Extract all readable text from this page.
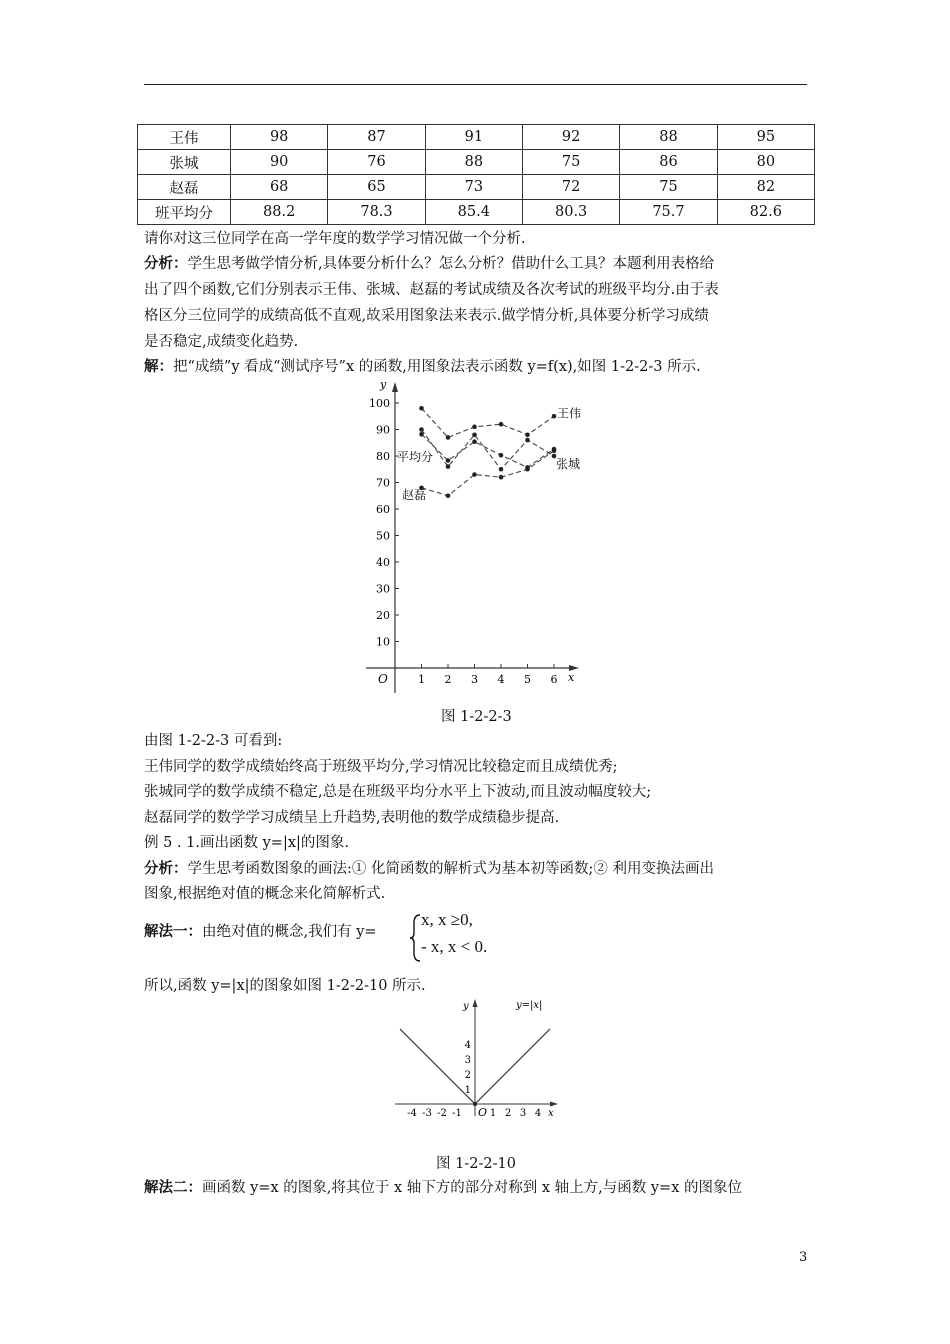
王伟	98	87	91	92	88	95
张城	90	76	88	75	86	80
赵磊	68	65	73	72	75	82
班平均分	88.2	78.3	85.4	80.3	75.7	82.6
请你对这三位同学在高一学年度的数学学习情况做一个分析.
分析：学生思考做学情分析,具体要分析什么？怎么分析？借助什么工具？本题利用表格给
出了四个函数,它们分别表示王伟、张城、赵磊的考试成绩及各次考试的班级平均分.由于表
格区分三位同学的成绩高低不直观,故采用图象法来表示.做学情分析,具体要分析学习成绩
是否稳定,成绩变化趋势.
解：把“成绩”y 看成“测试序号”x 的函数,用图象法表示函数 y=f(x),如图 1-2-2-3 所示.
y
x
O
10
20
30
40
50
60
70
80
90
100
1 2 3 4 5 6
王伟
张城
赵磊
平均分
图 1-2-2-3
由图 1-2-2-3 可看到:
王伟同学的数学成绩始终高于班级平均分,学习情况比较稳定而且成绩优秀;
张城同学的数学成绩不稳定,总是在班级平均分水平上下波动,而且波动幅度较大;
赵磊同学的数学学习成绩呈上升趋势,表明他的数学成绩稳步提高.
例 5 . 1.画出函数 y=|x|的图象.
分析：学生思考函数图象的画法:① 化简函数的解析式为基本初等函数;② 利用变换法画出
图象,根据绝对值的概念来化简解析式.
解法一：由绝对值的概念,我们有 y=
x, x ≥0,
- x, x < 0.
所以,函数 y=|x|的图象如图 1-2-2-10 所示.
y
x
O
1
2
3
4
-4 -3 -2 -1	1 2 3 4
y=|x|
图 1-2-2-10
解法二：画函数 y=x 的图象,将其位于 x 轴下方的部分对称到 x 轴上方,与函数 y=x 的图象位
3
